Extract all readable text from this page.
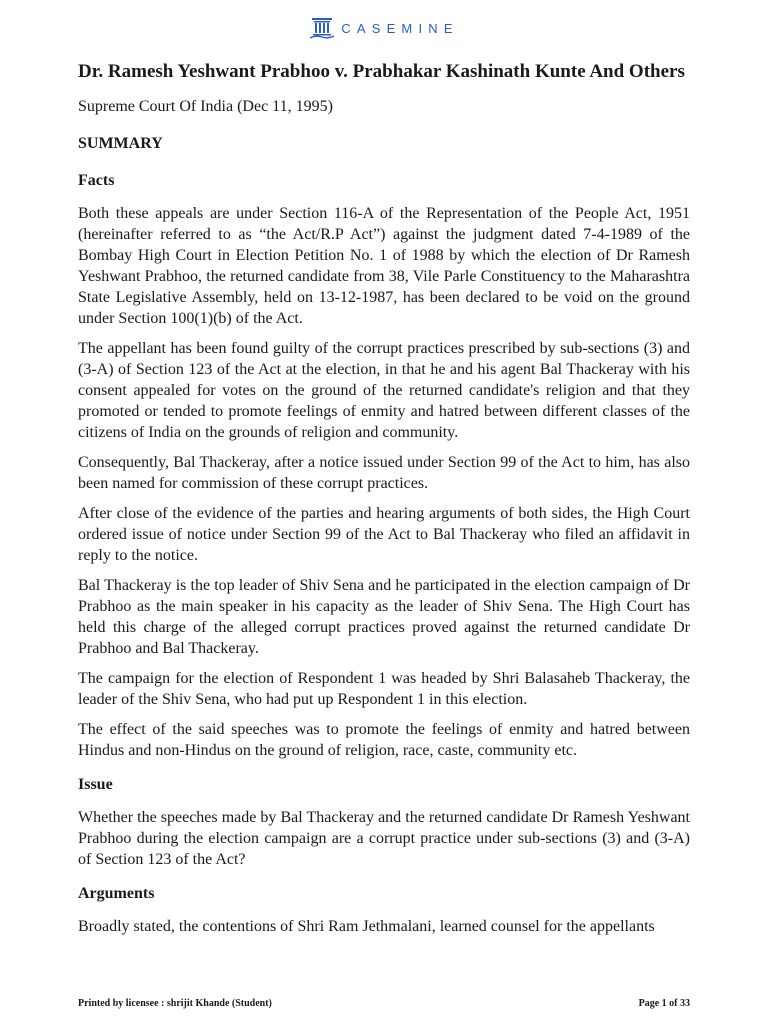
CASEMINE
Dr. Ramesh Yeshwant Prabhoo v. Prabhakar Kashinath Kunte And Others
Supreme Court Of India (Dec 11, 1995)
SUMMARY
Facts

Both these appeals are under Section 116-A of the Representation of the People Act, 1951 (hereinafter referred to as “the Act/R.P Act”) against the judgment dated 7-4-1989 of the Bombay High Court in Election Petition No. 1 of 1988 by which the election of Dr Ramesh Yeshwant Prabhoo, the returned candidate from 38, Vile Parle Constituency to the Maharashtra State Legislative Assembly, held on 13-12-1987, has been declared to be void on the ground under Section 100(1)(b) of the Act.

The appellant has been found guilty of the corrupt practices prescribed by sub-sections (3) and (3-A) of Section 123 of the Act at the election, in that he and his agent Bal Thackeray with his consent appealed for votes on the ground of the returned candidate's religion and that they promoted or tended to promote feelings of enmity and hatred between different classes of the citizens of India on the grounds of religion and community.

Consequently, Bal Thackeray, after a notice issued under Section 99 of the Act to him, has also been named for commission of these corrupt practices.

After close of the evidence of the parties and hearing arguments of both sides, the High Court ordered issue of notice under Section 99 of the Act to Bal Thackeray who filed an affidavit in reply to the notice.

Bal Thackeray is the top leader of Shiv Sena and he participated in the election campaign of Dr Prabhoo as the main speaker in his capacity as the leader of Shiv Sena. The High Court has held this charge of the alleged corrupt practices proved against the returned candidate Dr Prabhoo and Bal Thackeray.

The campaign for the election of Respondent 1 was headed by Shri Balasaheb Thackeray, the leader of the Shiv Sena, who had put up Respondent 1 in this election.

The effect of the said speeches was to promote the feelings of enmity and hatred between Hindus and non-Hindus on the ground of religion, race, caste, community etc.

Issue

Whether the speeches made by Bal Thackeray and the returned candidate Dr Ramesh Yeshwant Prabhoo during the election campaign are a corrupt practice under sub-sections (3) and (3-A) of Section 123 of the Act?

Arguments

Broadly stated, the contentions of Shri Ram Jethmalani, learned counsel for the appellants

Printed by licensee : shrijit Khande (Student)	Page 1 of 33
